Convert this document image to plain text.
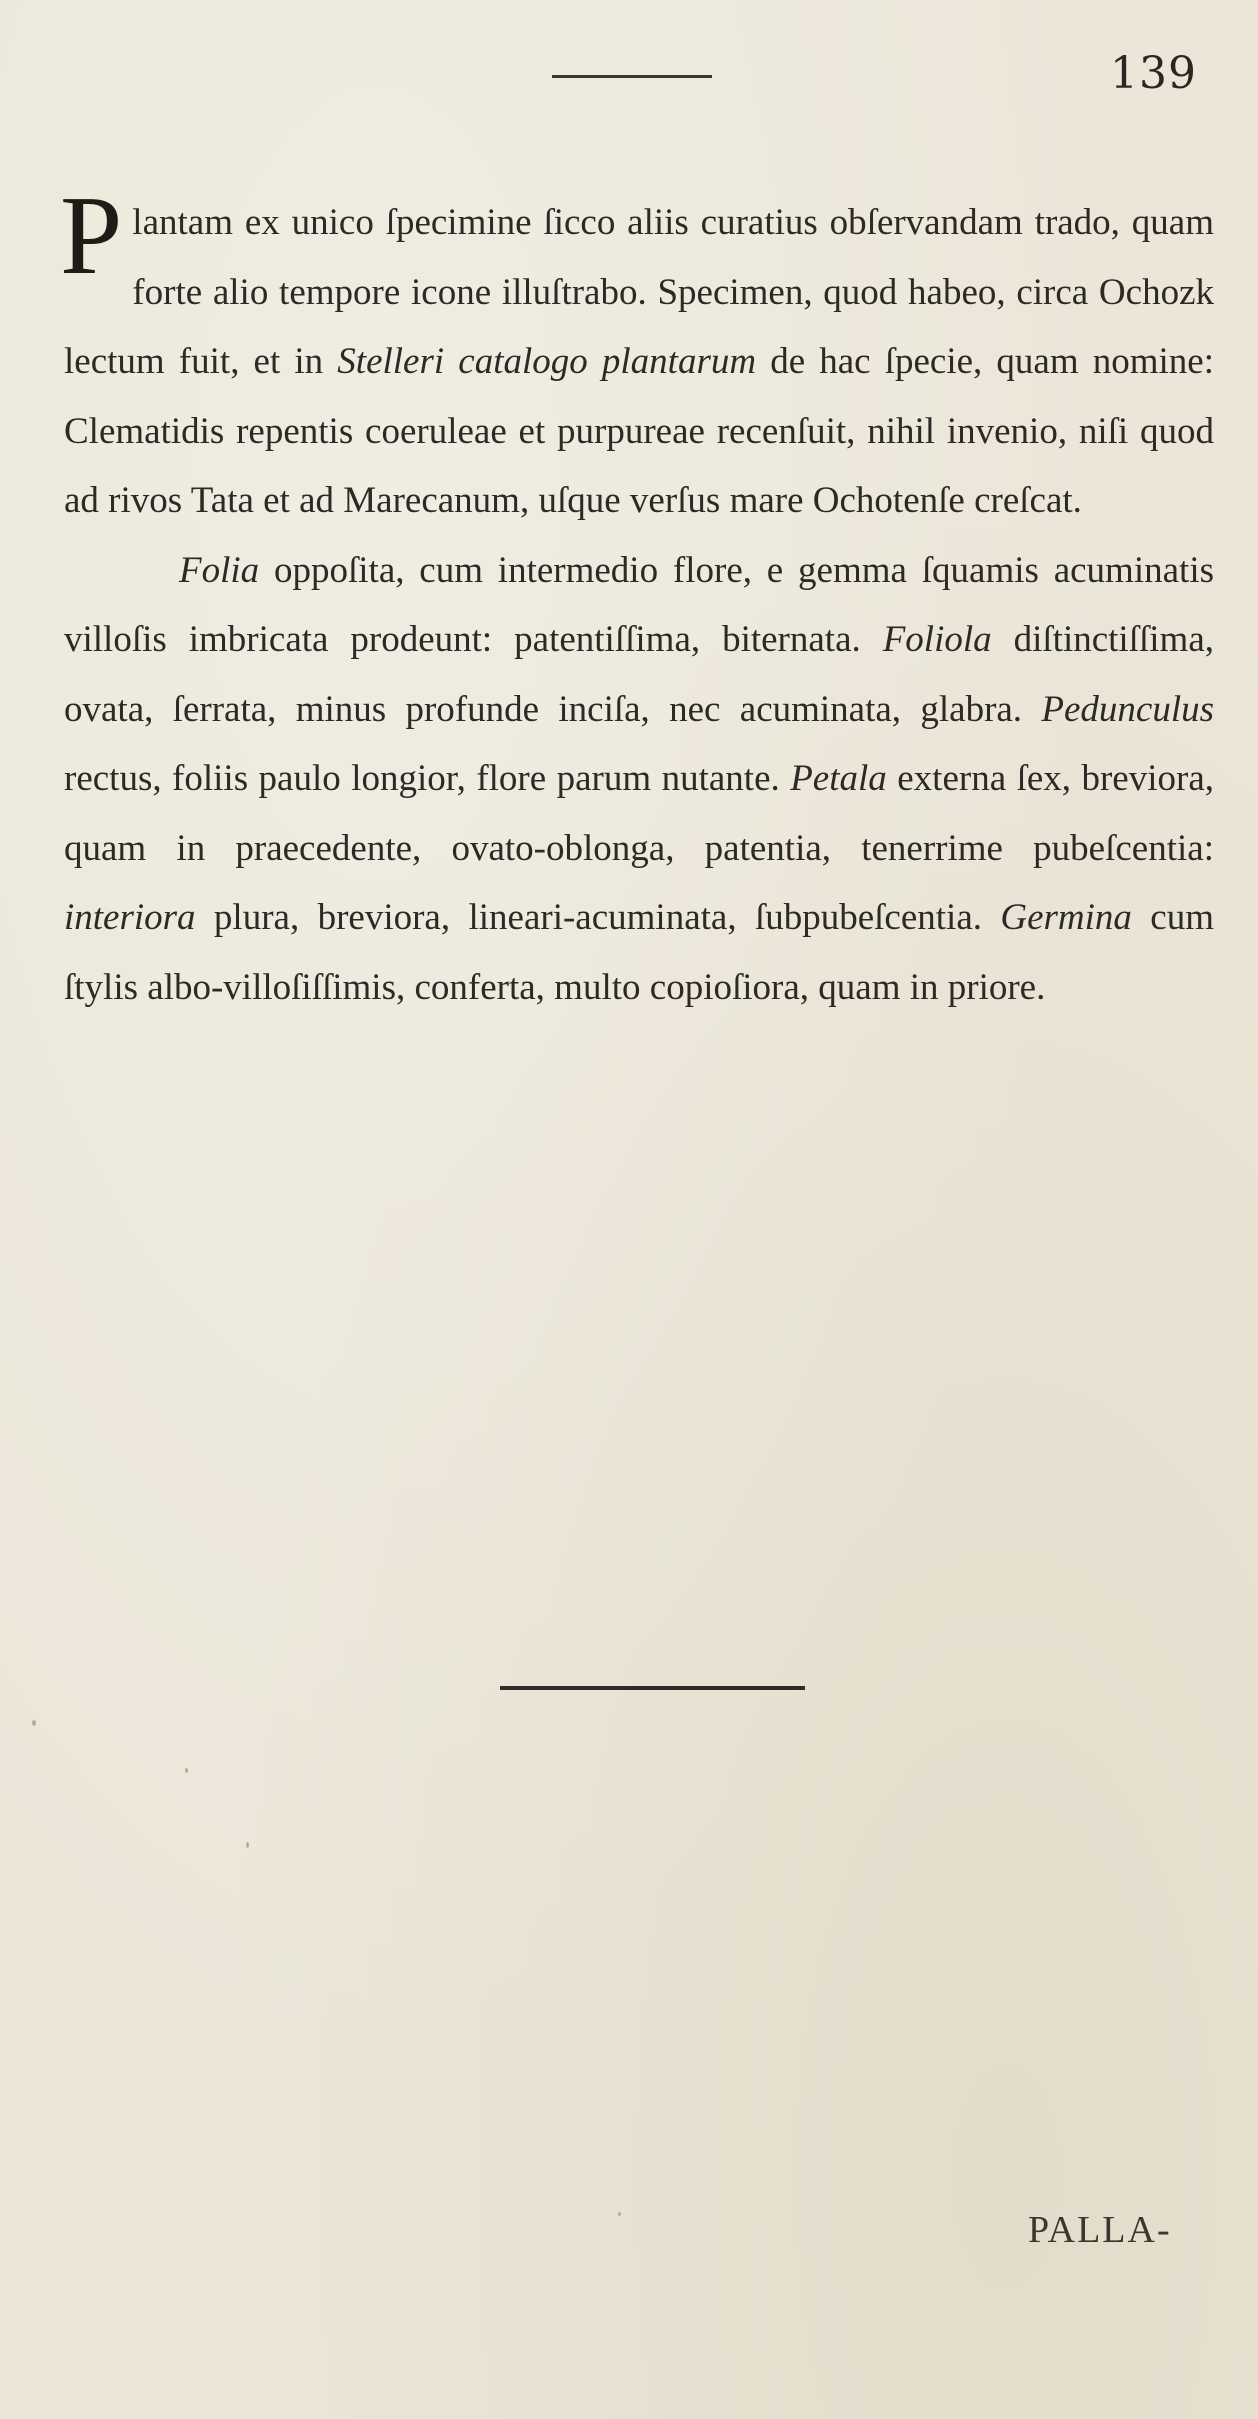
139

Plantam ex unico ſpecimine ſicco aliis curatius obſervandam trado, quam forte alio tempore icone illuſtrabo. Specimen, quod habeo, circa Ochozk lectum fuit, et in Stelleri catalogo plantarum de hac ſpecie, quam nomine: Clematidis repentis coeruleae et purpureae recenſuit, nihil invenio, niſi quod ad rivos Tata et ad Marecanum, uſque verſus mare Ochotenſe creſcat.

Folia oppoſita, cum intermedio flore, e gemma ſquamis acuminatis villoſis imbricata prodeunt: patentiſſima, biternata. Foliola diſtinctiſſima, ovata, ſerrata, minus profunde inciſa, nec acuminata, glabra. Pedunculus rectus, foliis paulo longior, flore parum nutante. Petala externa ſex, breviora, quam in praecedente, ovato-oblonga, patentia, tenerrime pubeſcentia: interiora plura, breviora, lineari-acuminata, ſubpubeſcentia. Germina cum ſtylis albo-villoſiſſimis, conferta, multo copioſiora, quam in priore.

PALLA-
